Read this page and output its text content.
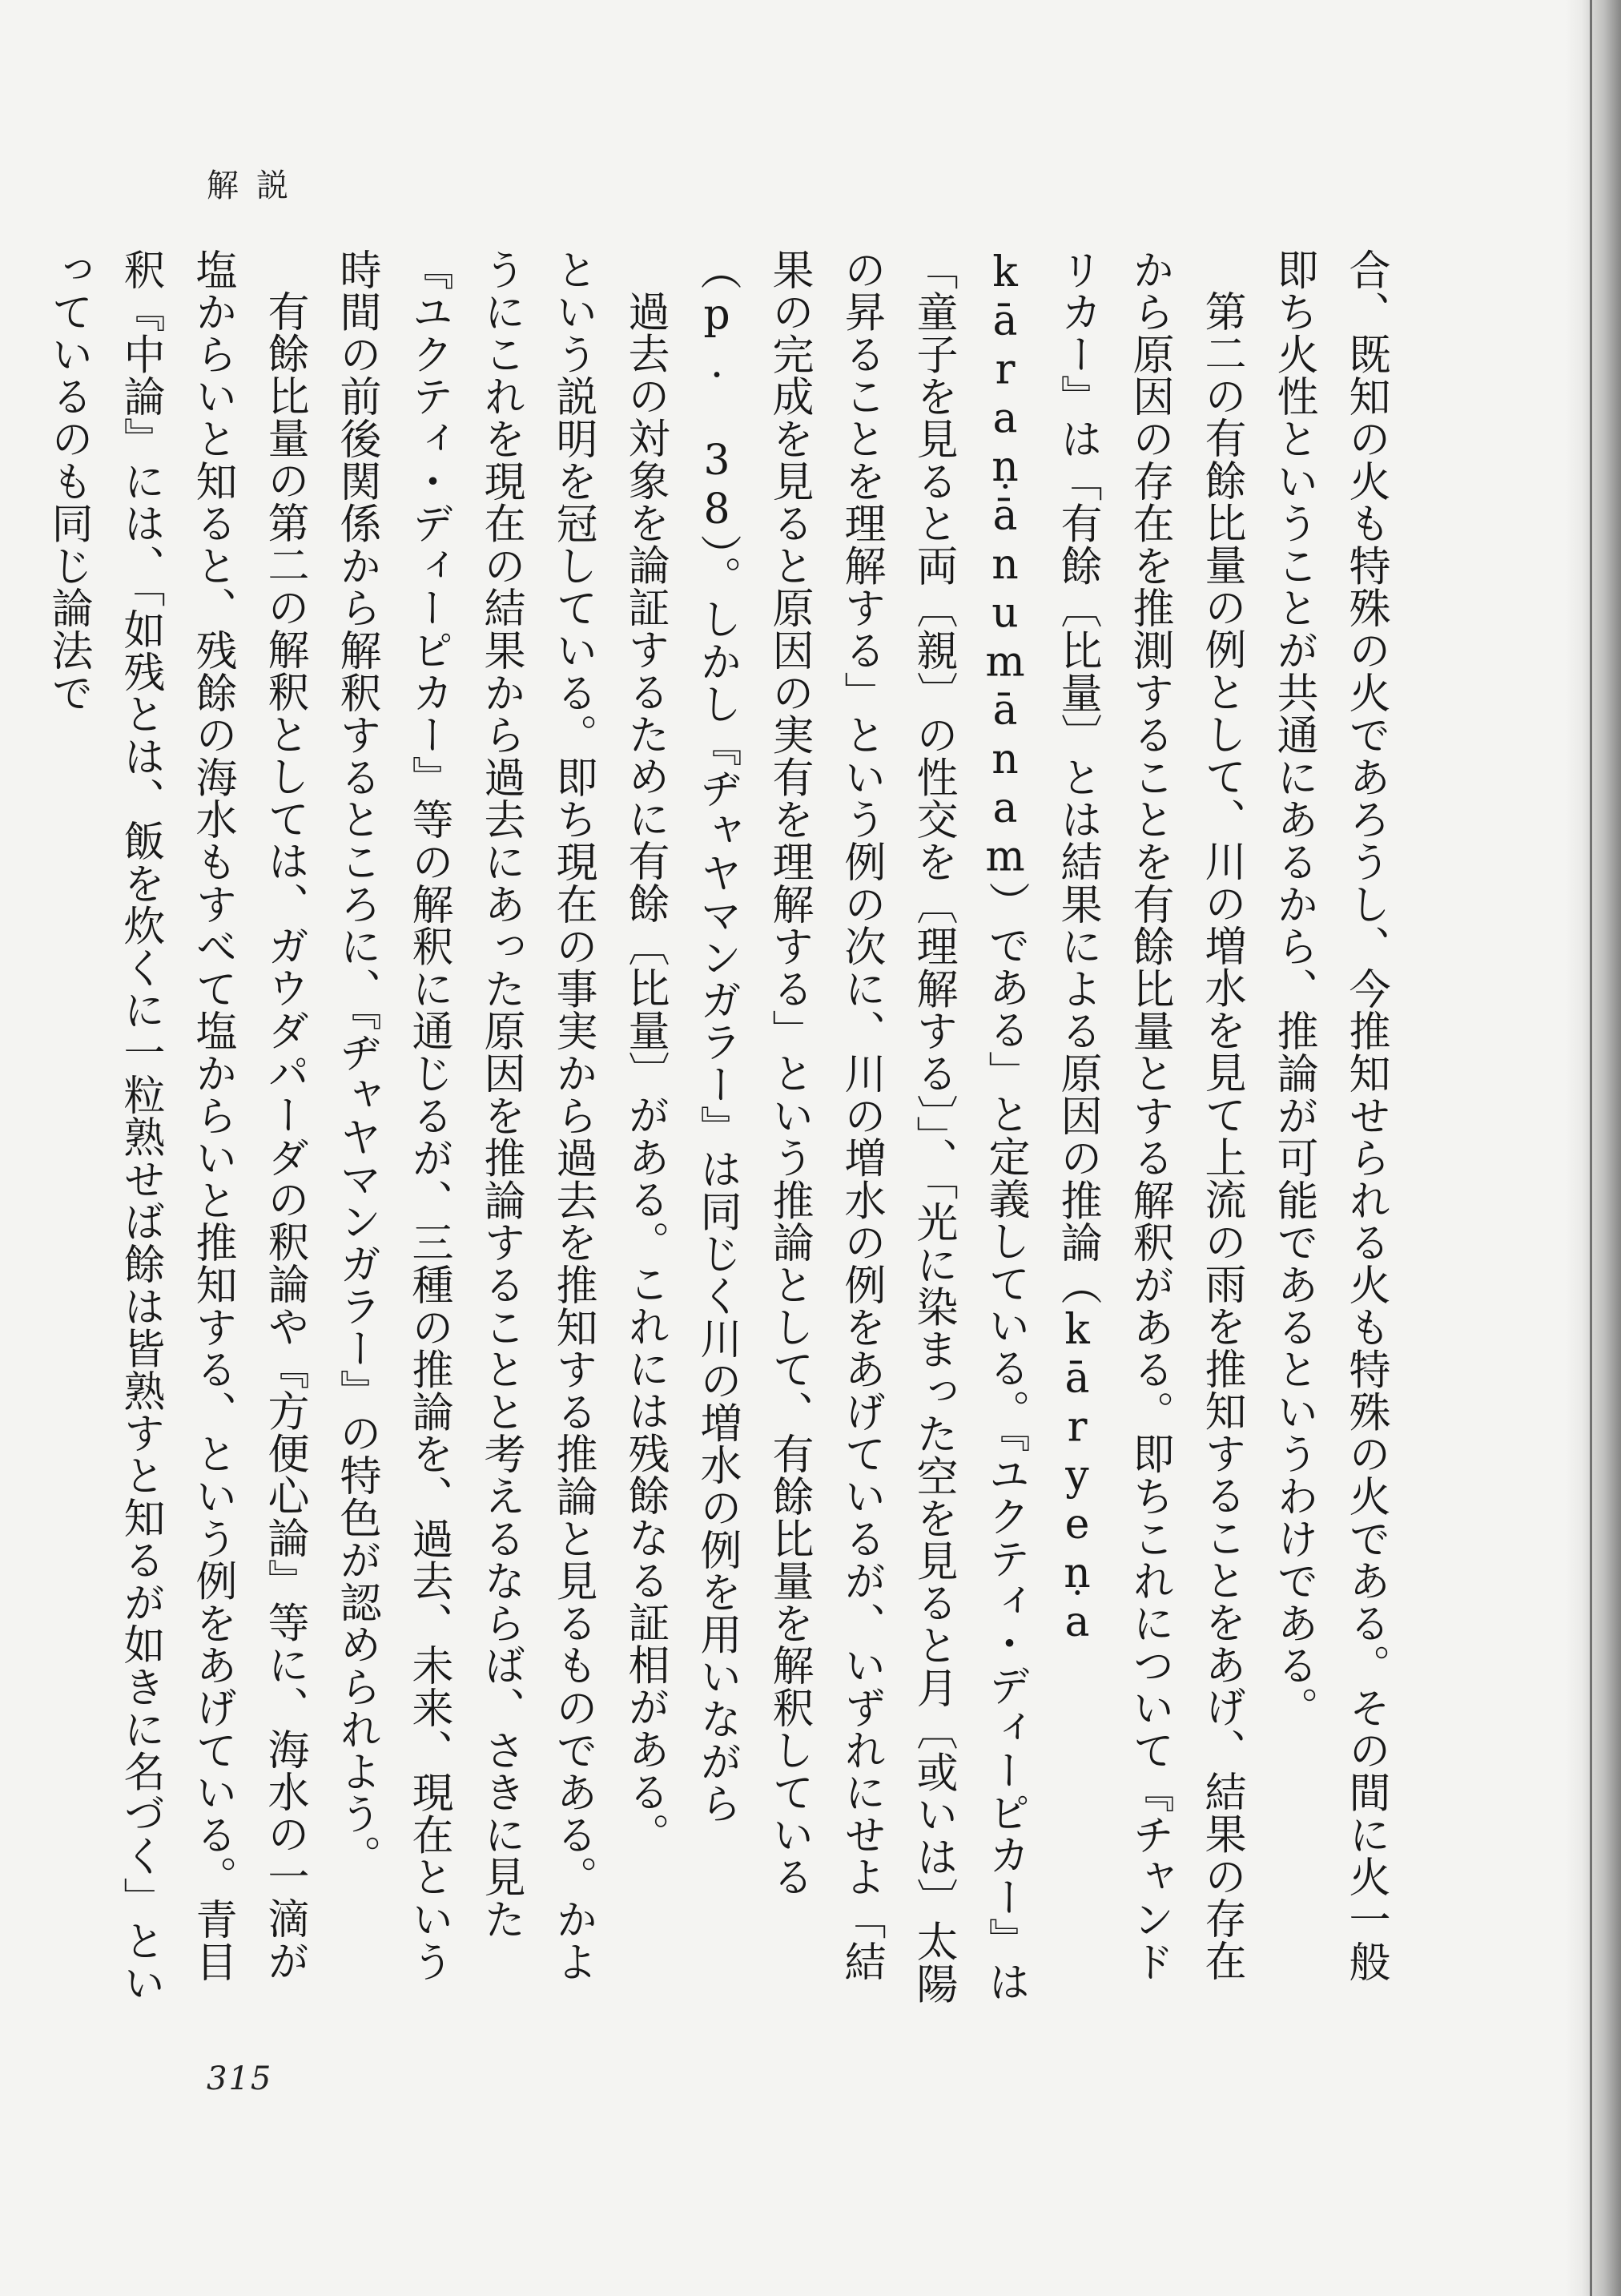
解説

合、既知の火も特殊の火であろうし、今推知せられる火も特殊の火である。その間に火一般即ち火性ということが共通にあるから、推論が可能であるというわけである。

第二の有餘比量の例として、川の増水を見て上流の雨を推知することをあげ、結果の存在から原因の存在を推測することを有餘比量とする解釈がある。即ちこれについて『チャンドリカー』は「有餘〔比量〕とは結果による原因の推論（kāryeṇa kāraṇānumānam）である」と定義している。『ユクティ・ディーピカー』は「童子を見ると両〔親〕の性交を〔理解する〕」、「光に染まった空を見ると月〔或いは〕太陽の昇ることを理解する」という例の次に、川の増水の例をあげているが、いずれにせよ「結果の完成を見ると原因の実有を理解する」という推論として、有餘比量を解釈している（p. 38）。しかし『ヂャヤマンガラー』は同じく川の増水の例を用いながら

過去の対象を論証するために有餘〔比量〕がある。これには残餘なる証相がある。

という説明を冠している。即ち現在の事実から過去を推知する推論と見るものである。かようにこれを現在の結果から過去にあった原因を推論することと考えるならば、さきに見た『ユクティ・ディーピカー』等の解釈に通じるが、三種の推論を、過去、未来、現在という時間の前後関係から解釈するところに、『ヂャヤマンガラー』の特色が認められよう。

有餘比量の第二の解釈としては、ガウダパーダの釈論や『方便心論』等に、海水の一滴が塩からいと知ると、残餘の海水もすべて塩からいと推知する、という例をあげている。青目釈『中論』には、「如残とは、飯を炊くに一粒熟せば餘は皆熟すと知るが如きに名づく」といっているのも同じ論法で

315
